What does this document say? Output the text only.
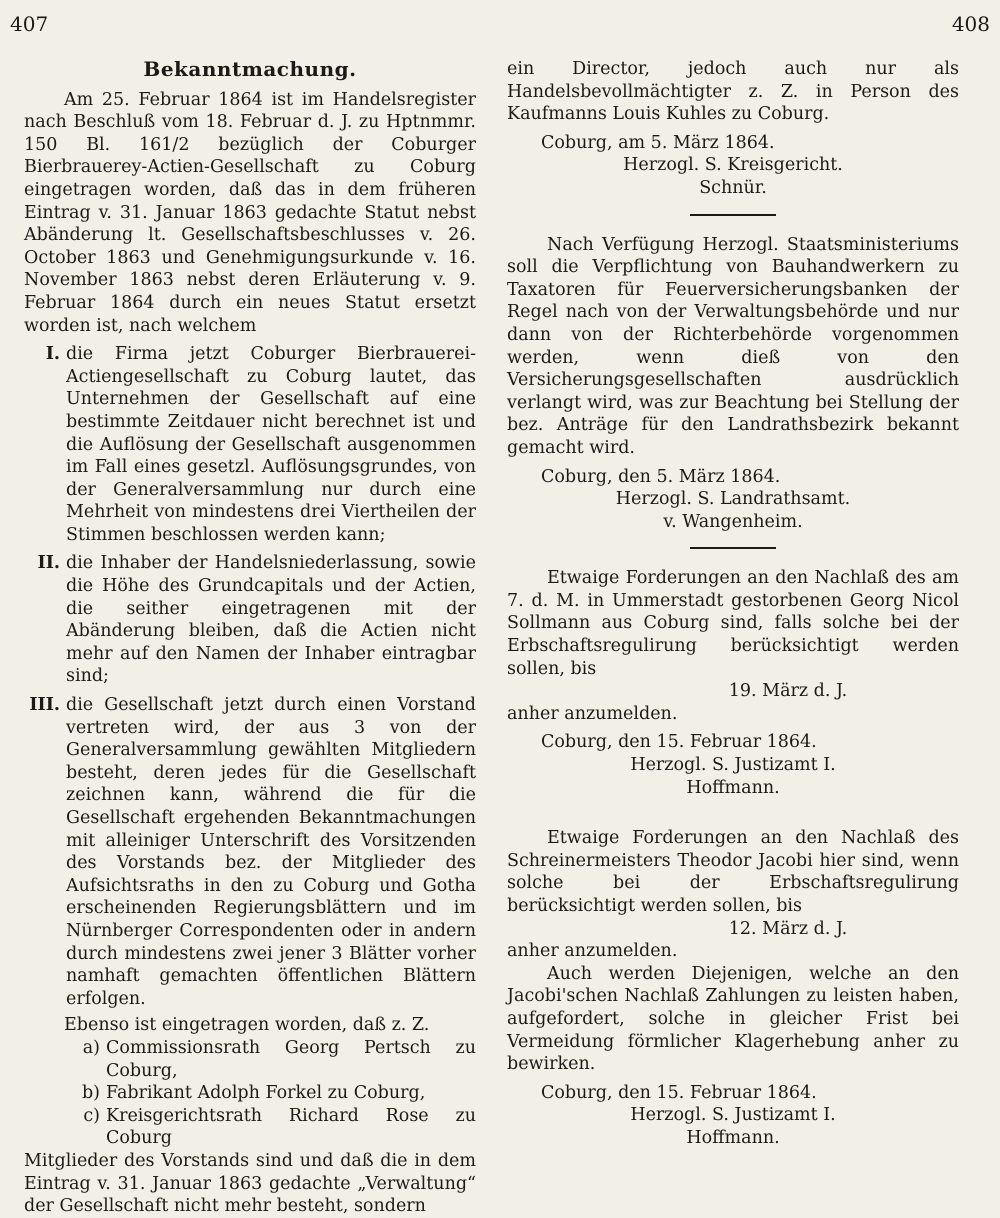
407	408
Bekanntmachung.

Am 25. Februar 1864 ist im Handelsregister nach Beschluß vom 18. Februar d. J. zu Hptnmmr. 150 Bl. 161/2 bezüglich der Coburger Bierbrauerey-Actien-Gesellschaft zu Coburg eingetragen worden, daß das in dem früheren Eintrag v. 31. Januar 1863 gedachte Statut nebst Abänderung lt. Gesellschaftsbeschlusses v. 26. October 1863 und Genehmigungsurkunde v. 16. November 1863 nebst deren Erläuterung v. 9. Februar 1864 durch ein neues Statut ersetzt worden ist, nach welchem

I. die Firma jetzt Coburger Bierbrauerei-Actiengesellschaft zu Coburg lautet, das Unternehmen der Gesellschaft auf eine bestimmte Zeitdauer nicht berechnet ist und die Auflösung der Gesellschaft ausgenommen im Fall eines gesetzl. Auflösungsgrundes, von der Generalversammlung nur durch eine Mehrheit von mindestens drei Viertheilen der Stimmen beschlossen werden kann;
II. die Inhaber der Handelsniederlassung, sowie die Höhe des Grundcapitals und der Actien, die seither eingetragenen mit der Abänderung bleiben, daß die Actien nicht mehr auf den Namen der Inhaber eintragbar sind;
III. die Gesellschaft jetzt durch einen Vorstand vertreten wird, der aus 3 von der Generalversammlung gewählten Mitgliedern besteht, deren jedes für die Gesellschaft zeichnen kann, während die für die Gesellschaft ergehenden Bekanntmachungen mit alleiniger Unterschrift des Vorsitzenden des Vorstands bez. der Mitglieder des Aufsichtsraths in den zu Coburg und Gotha erscheinenden Regierungsblättern und im Nürnberger Correspondenten oder in andern durch mindestens zwei jener 3 Blätter vorher namhaft gemachten öffentlichen Blättern erfolgen.

Ebenso ist eingetragen worden, daß z. Z.

a) Commissionsrath Georg Pertsch zu Coburg,
b) Fabrikant Adolph Forkel zu Coburg,
c) Kreisgerichtsrath Richard Rose zu Coburg

Mitglieder des Vorstands sind und daß die in dem Eintrag v. 31. Januar 1863 gedachte „Verwaltung“ der Gesellschaft nicht mehr besteht, sondern

ein Director, jedoch auch nur als Handelsbevollmächtigter z. Z. in Person des Kaufmanns Louis Kuhles zu Coburg.

Coburg, am 5. März 1864.
Herzogl. S. Kreisgericht.
Schnür.

Nach Verfügung Herzogl. Staatsministeriums soll die Verpflichtung von Bauhandwerkern zu Taxatoren für Feuerversicherungsbanken der Regel nach von der Verwaltungsbehörde und nur dann von der Richterbehörde vorgenommen werden, wenn dieß von den Versicherungsgesellschaften ausdrücklich verlangt wird, was zur Beachtung bei Stellung der bez. Anträge für den Landrathsbezirk bekannt gemacht wird.

Coburg, den 5. März 1864.
Herzogl. S. Landrathsamt.
v. Wangenheim.

Etwaige Forderungen an den Nachlaß des am 7. d. M. in Ummerstadt gestorbenen Georg Nicol Sollmann aus Coburg sind, falls solche bei der Erbschaftsregulirung berücksichtigt werden sollen, bis

19. März d. J.

anher anzumelden.

Coburg, den 15. Februar 1864.
Herzogl. S. Justizamt I.
Hoffmann.

Etwaige Forderungen an den Nachlaß des Schreinermeisters Theodor Jacobi hier sind, wenn solche bei der Erbschaftsregulirung berücksichtigt werden sollen, bis

12. März d. J.

anher anzumelden.

Auch werden Diejenigen, welche an den Jacobi'schen Nachlaß Zahlungen zu leisten haben, aufgefordert, solche in gleicher Frist bei Vermeidung förmlicher Klagerhebung anher zu bewirken.

Coburg, den 15. Februar 1864.
Herzogl. S. Justizamt I.
Hoffmann.
